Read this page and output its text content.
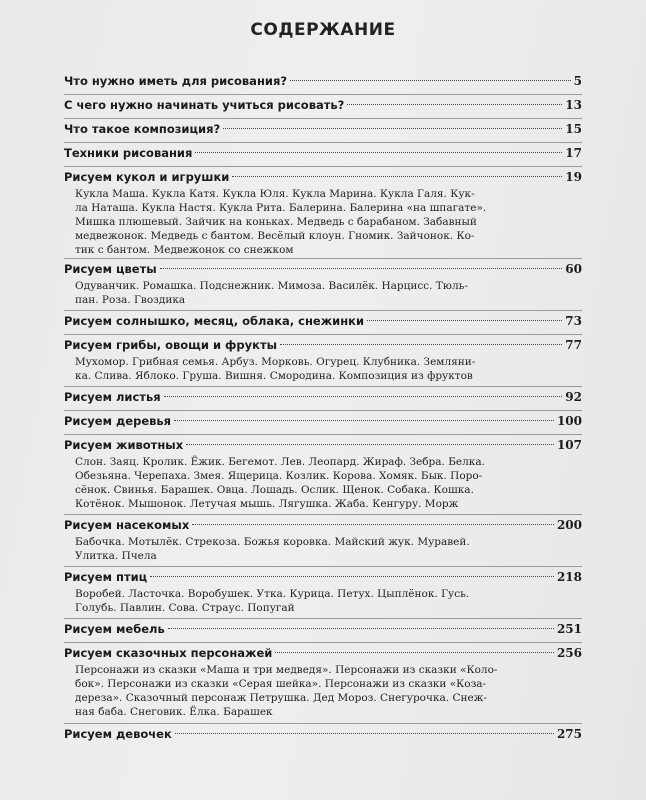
СОДЕРЖАНИЕ
Что нужно иметь для рисования?	5
С чего нужно начинать учиться рисовать?	13
Что такое композиция?	15
Техники рисования	17
Рисуем кукол и игрушки	19
Кукла Маша. Кукла Катя. Кукла Юля. Кукла Марина. Кукла Галя. Кук-
ла Наташа. Кукла Настя. Кукла Рита. Балерина. Балерина «на шпагате».
Мишка плюшевый. Зайчик на коньках. Медведь с барабаном. Забавный
медвежонок. Медведь с бантом. Весёлый клоун. Гномик. Зайчонок. Ко-
тик с бантом. Медвежонок со снежком
Рисуем цветы	60
Одуванчик. Ромашка. Подснежник. Мимоза. Василёк. Нарцисс. Тюль-
пан. Роза. Гвоздика
Рисуем солнышко, месяц, облака, снежинки	73
Рисуем грибы, овощи и фрукты	77
Мухомор. Грибная семья. Арбуз. Морковь. Огурец. Клубника. Земляни-
ка. Слива. Яблоко. Груша. Вишня. Смородина. Композиция из фруктов
Рисуем листья	92
Рисуем деревья	100
Рисуем животных	107
Слон. Заяц. Кролик. Ёжик. Бегемот. Лев. Леопард. Жираф. Зебра. Белка.
Обезьяна. Черепаха. Змея. Ящерица. Козлик. Корова. Хомяк. Бык. Поро-
сёнок. Свинья. Барашек. Овца. Лошадь. Ослик. Щенок. Собака. Кошка.
Котёнок. Мышонок. Летучая мышь. Лягушка. Жаба. Кенгуру. Морж
Рисуем насекомых	200
Бабочка. Мотылёк. Стрекоза. Божья коровка. Майский жук. Муравей.
Улитка. Пчела
Рисуем птиц	218
Воробей. Ласточка. Воробушек. Утка. Курица. Петух. Цыплёнок. Гусь.
Голубь. Павлин. Сова. Страус. Попугай
Рисуем мебель	251
Рисуем сказочных персонажей	256
Персонажи из сказки «Маша и три медведя». Персонажи из сказки «Коло-
бок». Персонажи из сказки «Серая шейка». Персонажи из сказки «Коза-
дереза». Сказочный персонаж Петрушка. Дед Мороз. Снегурочка. Снеж-
ная баба. Снеговик. Ёлка. Барашек
Рисуем девочек	275
